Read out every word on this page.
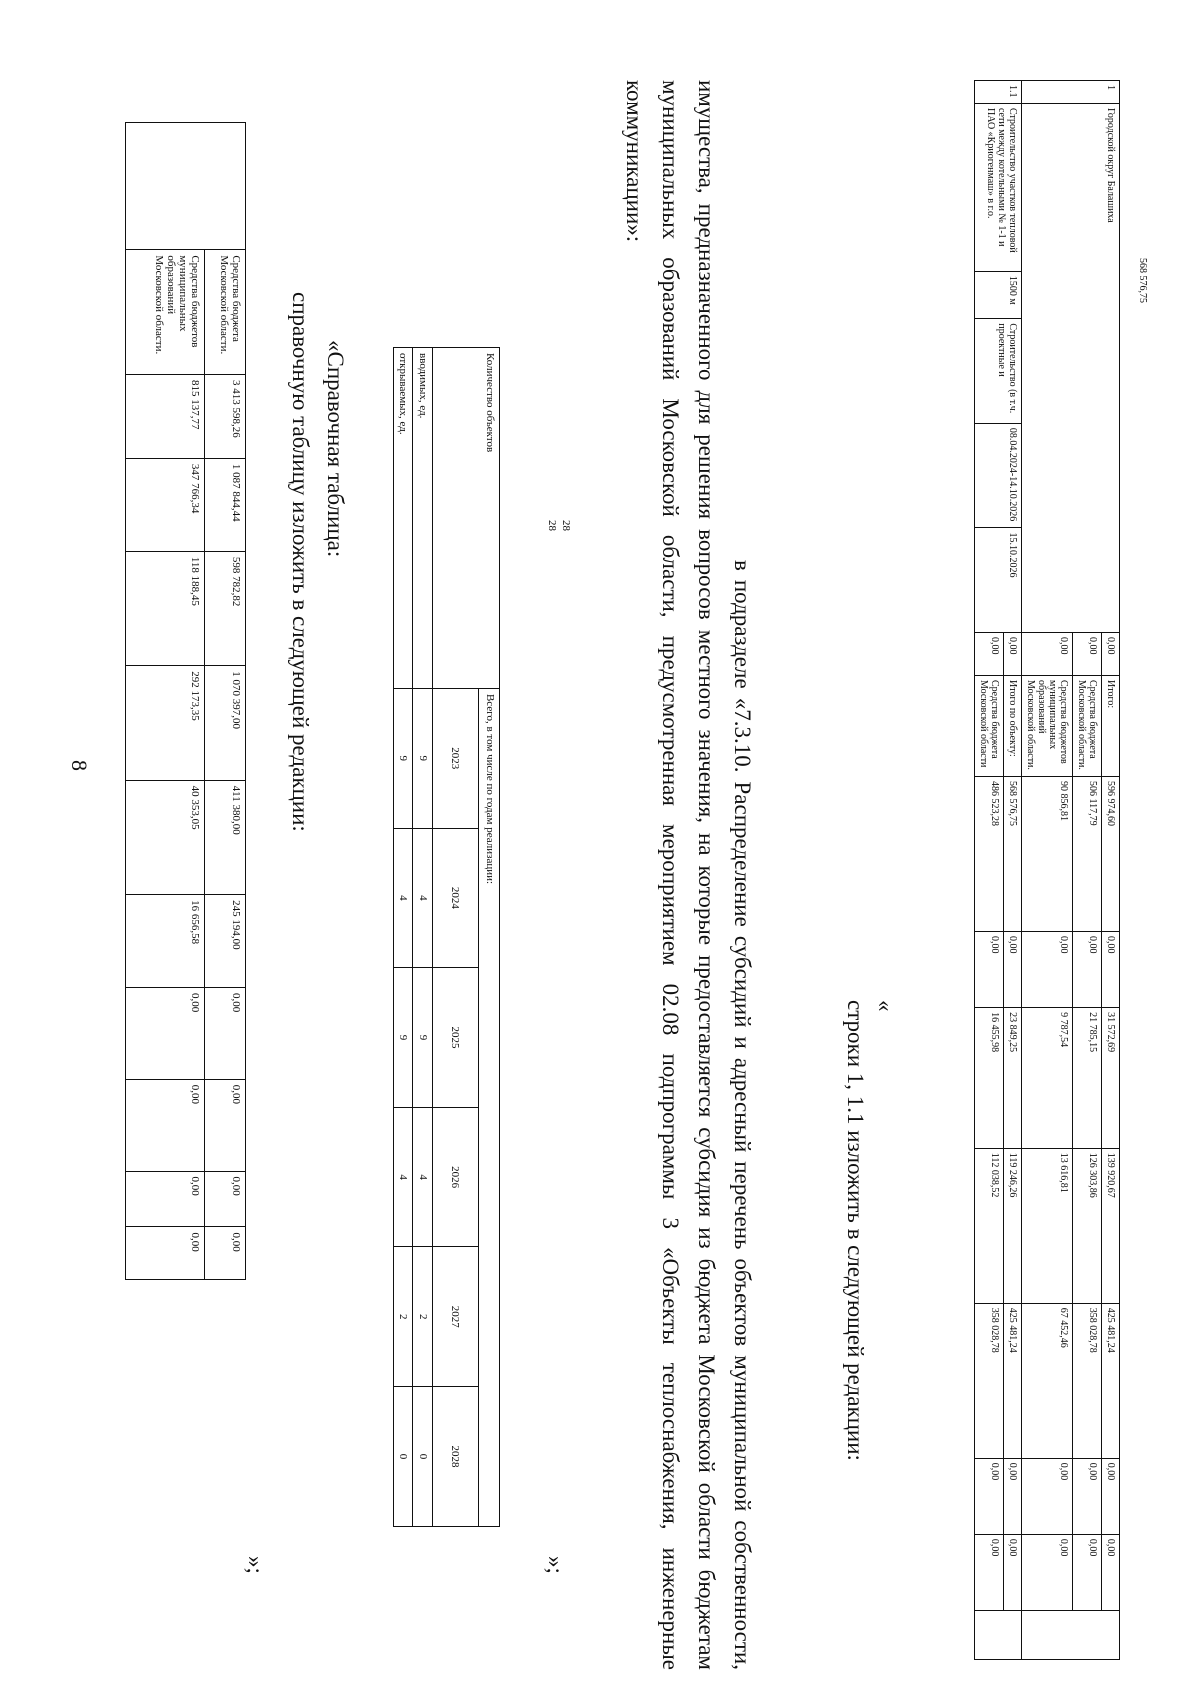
8
	Средства бюджета Московской области.	3 413 598,26	1 087 844,44	598 782,82	1 070 397,00	411 380,00	245 194,00	0,00	0,00	0,00	0,00
	Средства бюджетов муниципальных образований Московской области.	815 137,77	347 766,34	118 188,45	292 173,35	40 353,05	16 656,58	0,00	0,00	0,00	0,00
»;
справочную таблицу изложить в следующей редакции: «Справочная таблица:	Количество объектов	Всего, в том числе по годам реализации:					
	2023	2024	2025	2026	2027	2028
вводимых, ед.	9	4	9	4	2	0
открываемых, ед.	9	4	9	4	2	0
28 28
»;	в подразделе «7.3.10. Распределение субсидий и адресный перечень объектов муниципальной собственности, имущества, предназначенного для решения вопросов местного значения, на которые предоставляется субсидия из бюджета Московской области бюджетам муниципальных образований Московской области, предусмотренная мероприятием 02.08 подпрограммы 3 «Объекты теплоснабжения, инженерные коммуникации»:
строки 1, 1.1 изложить в следующей редакции: «
1	Городской округ Балашиха					0,00	Итого:	596 974,60	0,00	31 572,69	139 920,67	425 481,24	0,00	0,00	
						0,00	Средства бюджета Московской области.	506 117,79	0,00	21 785,15	126 303,86	358 028,78	0,00	0,00	
						0,00	Средства бюджетов муниципальных образований Московской области.	90 856,81	0,00	9 787,54	13 616,81	67 452,46	0,00	0,00	
1.1	Строительство участков тепловой сети между котельными № 1-1 и ПАО «Криогенмаш» в г.о.	1500 м	Строительство (в т.ч. проектные и	08.04.2024-14.10.2026	15.10.2026	0,00	Итого по объекту:	568 576,75	0,00	23 849,25	119 246,26	425 481,24	0,00	0,00	
						0,00	Средства бюджета Московской области	486 523,28	0,00	16 455,98	112 038,52	358 028,78	0,00	0,00	
568 576,75
